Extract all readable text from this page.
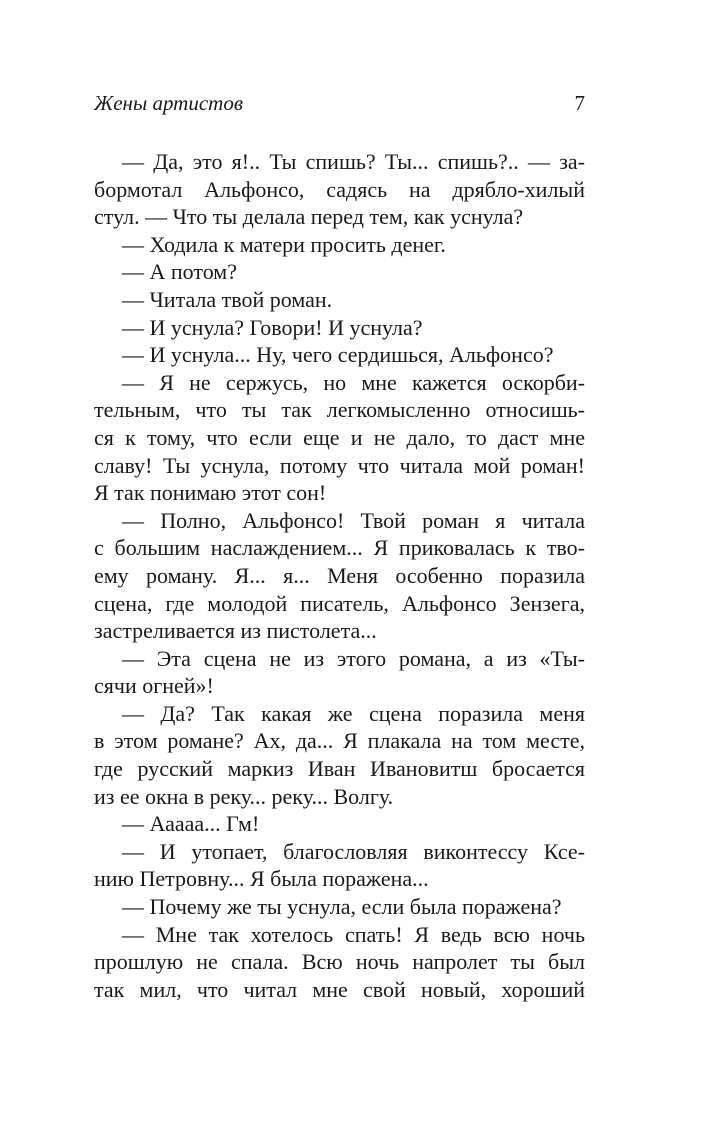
Жены артистов	7
— Да, это я!.. Ты спишь? Ты... спишь?.. — за-
бормотал Альфонсо, садясь на дрябло-хилый
стул. — Что ты делала перед тем, как уснула?
— Ходила к матери просить денег.
— А потом?
— Читала твой роман.
— И уснула? Говори! И уснула?
— И уснула... Ну, чего сердишься, Альфонсо?
— Я не сержусь, но мне кажется оскорби-
тельным, что ты так легкомысленно относишь-
ся к тому, что если еще и не дало, то даст мне
славу! Ты уснула, потому что читала мой роман!
Я так понимаю этот сон!
— Полно, Альфонсо! Твой роман я читала
с большим наслаждением... Я приковалась к тво-
ему роману. Я... я... Меня особенно поразила
сцена, где молодой писатель, Альфонсо Зензега,
застреливается из пистолета...
— Эта сцена не из этого романа, а из «Ты-
сячи огней»!
— Да? Так какая же сцена поразила меня
в этом романе? Ах, да... Я плакала на том месте,
где русский маркиз Иван Ивановитш бросается
из ее окна в реку... реку... Волгу.
— Ааааа... Гм!
— И утопает, благословляя виконтессу Ксе-
нию Петровну... Я была поражена...
— Почему же ты уснула, если была поражена?
— Мне так хотелось спать! Я ведь всю ночь
прошлую не спала. Всю ночь напролет ты был
так мил, что читал мне свой новый, хороший
